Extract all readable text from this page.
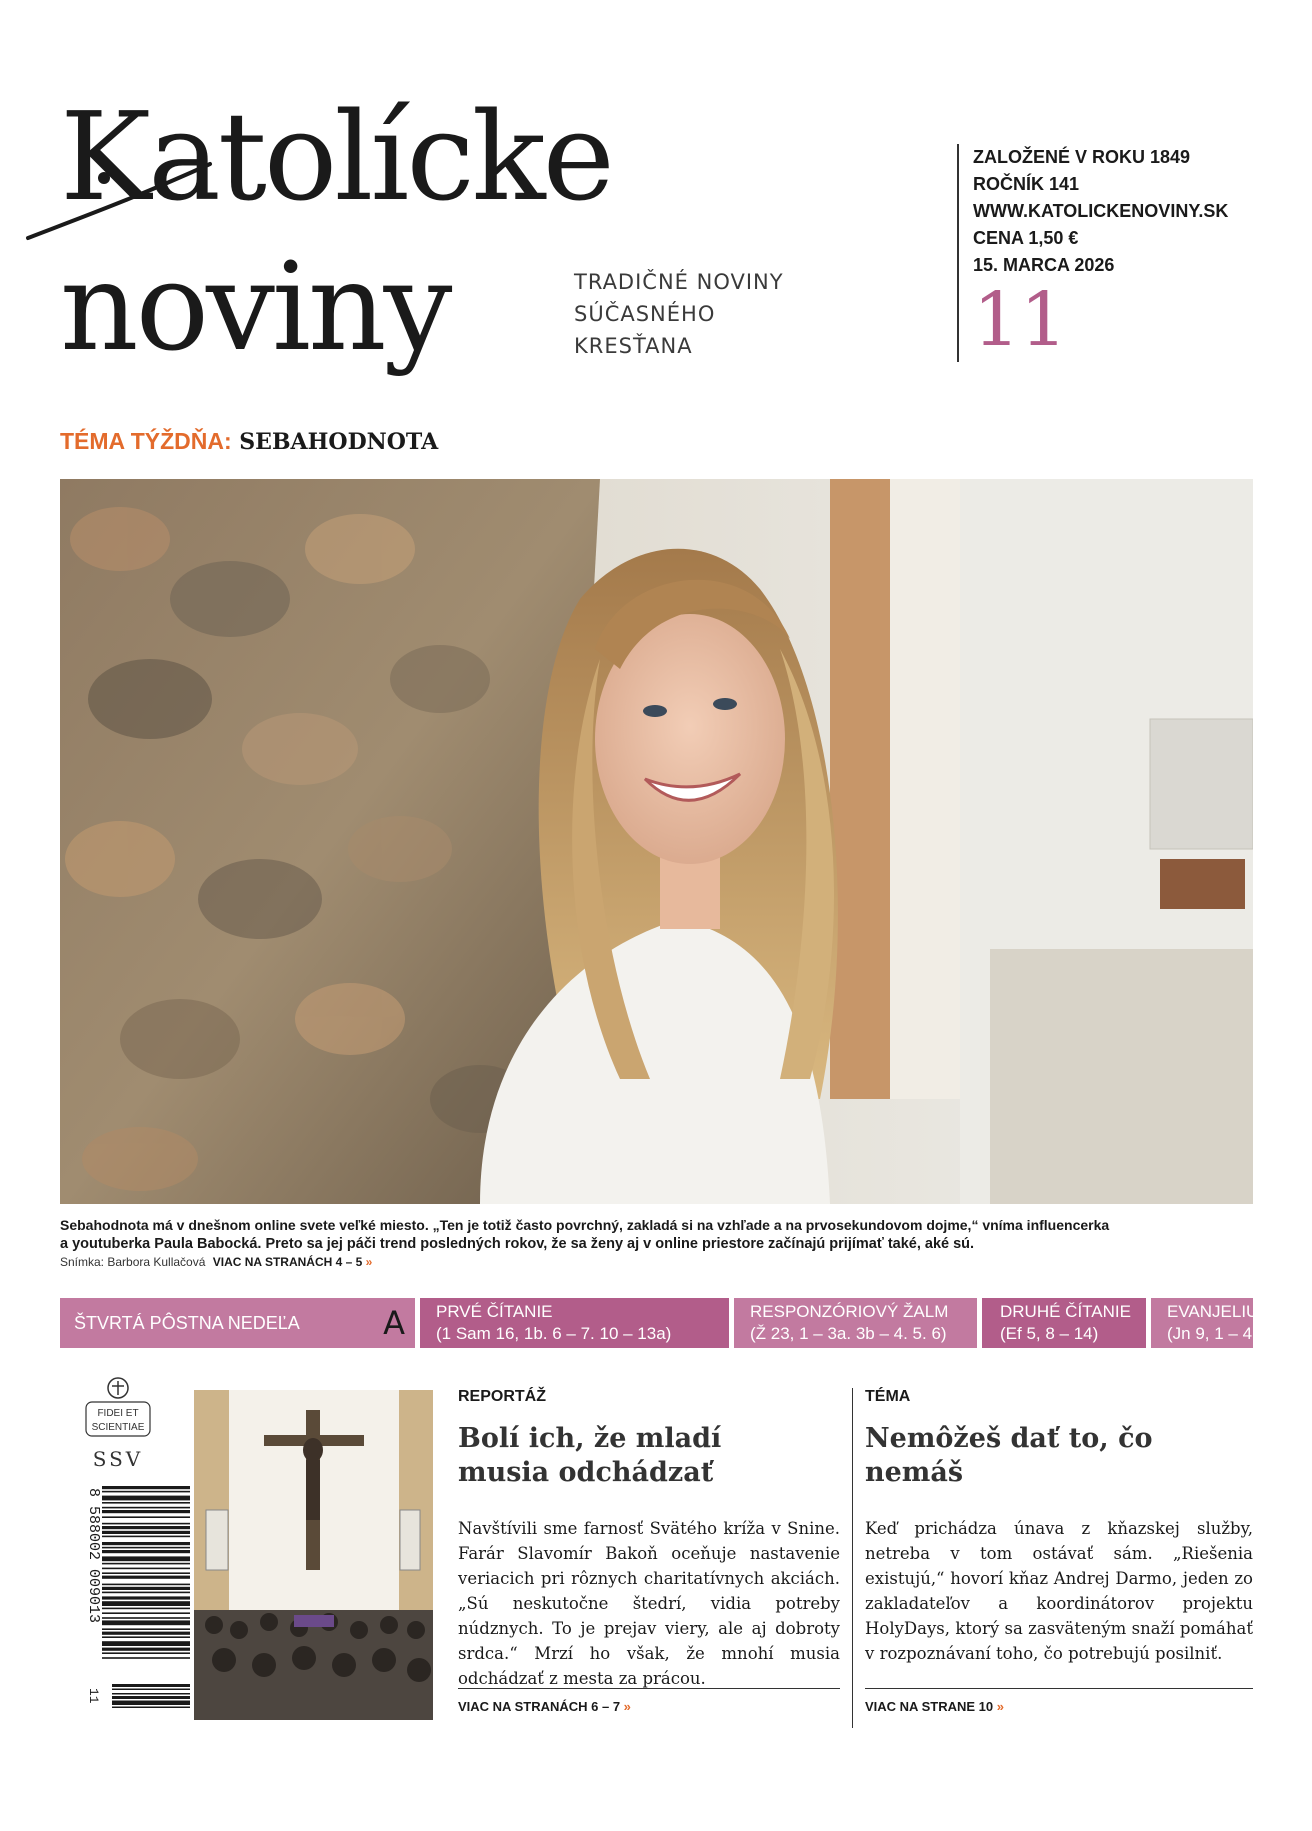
Katolícke
noviny	TRADIČNÉ NOVINY
SÚČASNÉHO
KRESŤANA
ZALOŽENÉ V ROKU 1849
ROČNÍK 141
WWW.KATOLICKENOVINY.SK
CENA 1,50 €
15. MARCA 2026
11
TÉMA TÝŽDŇA: SEBAHODNOTA
Sebahodnota má v dnešnom online svete veľké miesto. „Ten je totiž často povrchný, zakladá si na vzhľade a na prvosekundovom dojme,“ vníma influencerka
a youtuberka Paula Babocká. Preto sa jej páči trend posledných rokov, že sa ženy aj v online priestore začínajú prijímať také, aké sú.
Snímka: Barbora Kullačová VIAC NA STRANÁCH 4 – 5 »
ŠTVRTÁ PÔSTNA NEDEĽA	A PRVÉ ČÍTANIE
(1 Sam 16, 1b. 6 – 7. 10 – 13a)
RESPONZÓRIOVÝ ŽALM
(Ž 23, 1 – 3a. 3b – 4. 5. 6)
DRUHÉ ČÍTANIE
(Ef 5, 8 – 14)
EVANJELIUM
(Jn 9, 1 – 41)
FIDEI ET
SCIENTIAE
SSV
8 588002 009013
11
REPORTÁŽ
Bolí ich, že mladí musia odchádzať
Navštívili sme farnosť Svätého kríža v Snine. Farár Slavomír Bakoň oceňuje nastavenie veriacich pri rôznych charitatívnych akciách. „Sú neskutočne štedrí, vidia potreby núdznych. To je prejav viery, ale aj dobroty srdca.“ Mrzí ho však, že mnohí musia odchádzať z mesta za prácou.
VIAC NA STRANÁCH 6 – 7 »
TÉMA
Nemôžeš dať to, čo nemáš
Keď prichádza únava z kňazskej služby, netreba v tom ostávať sám. „Riešenia existujú,“ hovorí kňaz Andrej Darmo, jeden zo zakladateľov a koordinátorov projektu HolyDays, ktorý sa zasväteným snaží pomáhať v rozpoznávaní toho, čo potrebujú posilniť.
VIAC NA STRANE 10 »
